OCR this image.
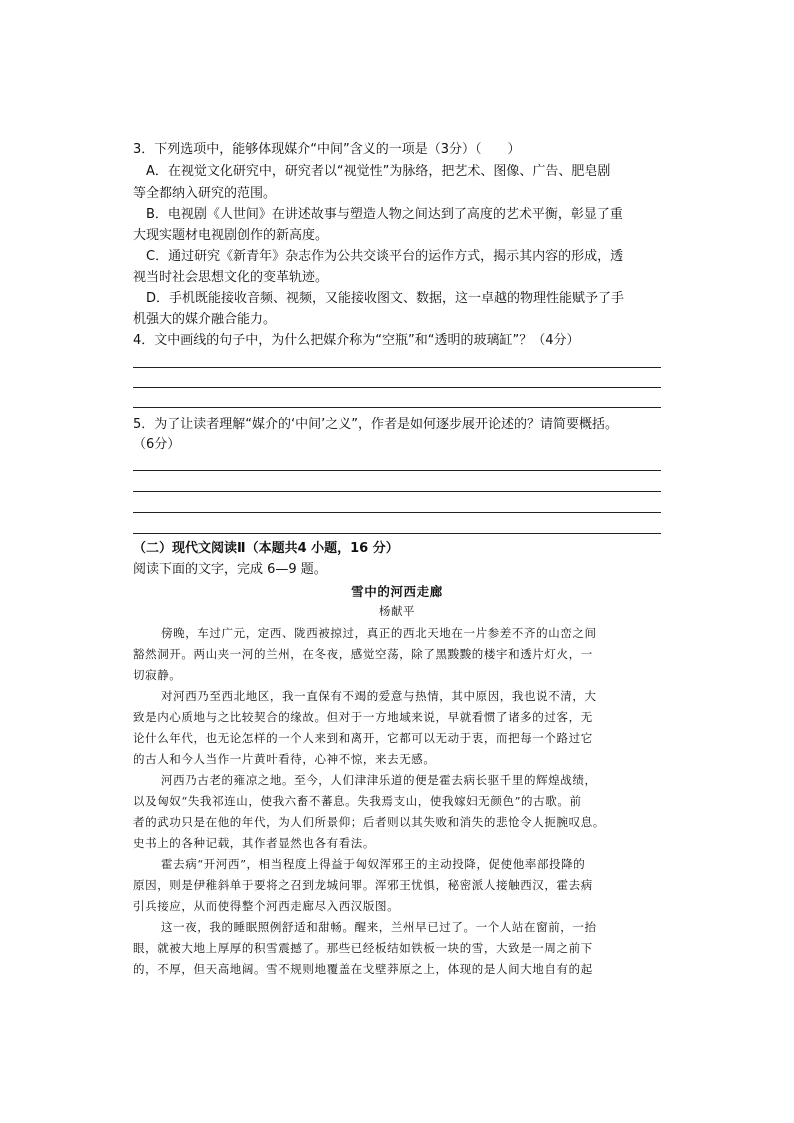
3．下列选项中，能够体现媒介“中间”含义的一项是（3分）（　　）
A．在视觉文化研究中，研究者以“视觉性”为脉络，把艺术、图像、广告、肥皂剧
等全都纳入研究的范围。
B．电视剧《人世间》在讲述故事与塑造人物之间达到了高度的艺术平衡，彰显了重
大现实题材电视剧创作的新高度。
C．通过研究《新青年》杂志作为公共交谈平台的运作方式，揭示其内容的形成，透
视当时社会思想文化的变革轨迹。
D．手机既能接收音频、视频，又能接收图文、数据，这一卓越的物理性能赋予了手
机强大的媒介融合能力。
4．文中画线的句子中，为什么把媒介称为“空瓶”和“透明的玻璃缸”？（4分）
5．为了让读者理解“媒介的‘中间’之义”，作者是如何逐步展开论述的？请简要概括。
（6分）
（二）现代文阅读Ⅱ（本题共4 小题，16 分）
阅读下面的文字，完成 6—9 题。
雪中的河西走廊
杨献平
傍晚，车过广元，定西、陇西被掠过，真正的西北天地在一片参差不齐的山峦之间
豁然洞开。两山夹一河的兰州，在冬夜，感觉空荡，除了黑黢黢的楼宇和透片灯火，一
切寂静。
对河西乃至西北地区，我一直保有不竭的爱意与热情，其中原因，我也说不清，大
致是内心质地与之比较契合的缘故。但对于一方地域来说，早就看惯了诸多的过客，无
论什么年代，也无论怎样的一个人来到和离开，它都可以无动于衷，而把每一个路过它
的古人和今人当作一片黄叶看待，心神不惊，来去无感。
河西乃古老的雍凉之地。至今，人们津津乐道的便是霍去病长驱千里的辉煌战绩，
以及匈奴“失我祁连山，使我六畜不蕃息。失我焉支山，使我嫁妇无颜色”的古歌。前
者的武功只是在他的年代，为人们所景仰；后者则以其失败和消失的悲怆令人扼腕叹息。
史书上的各种记载，其作者显然也各有看法。
霍去病“开河西”，相当程度上得益于匈奴浑邪王的主动投降，促使他率部投降的
原因，则是伊稚斜单于要将之召到龙城问罪。浑邪王忧惧，秘密派人接触西汉，霍去病
引兵接应，从而使得整个河西走廊尽入西汉版图。
这一夜，我的睡眠照例舒适和甜畅。醒来，兰州早已过了。一个人站在窗前，一抬
眼，就被大地上厚厚的积雪震撼了。那些已经板结如铁板一块的雪，大致是一周之前下
的，不厚，但天高地阔。雪不规则地覆盖在戈壁莽原之上，体现的是人间大地自有的起
